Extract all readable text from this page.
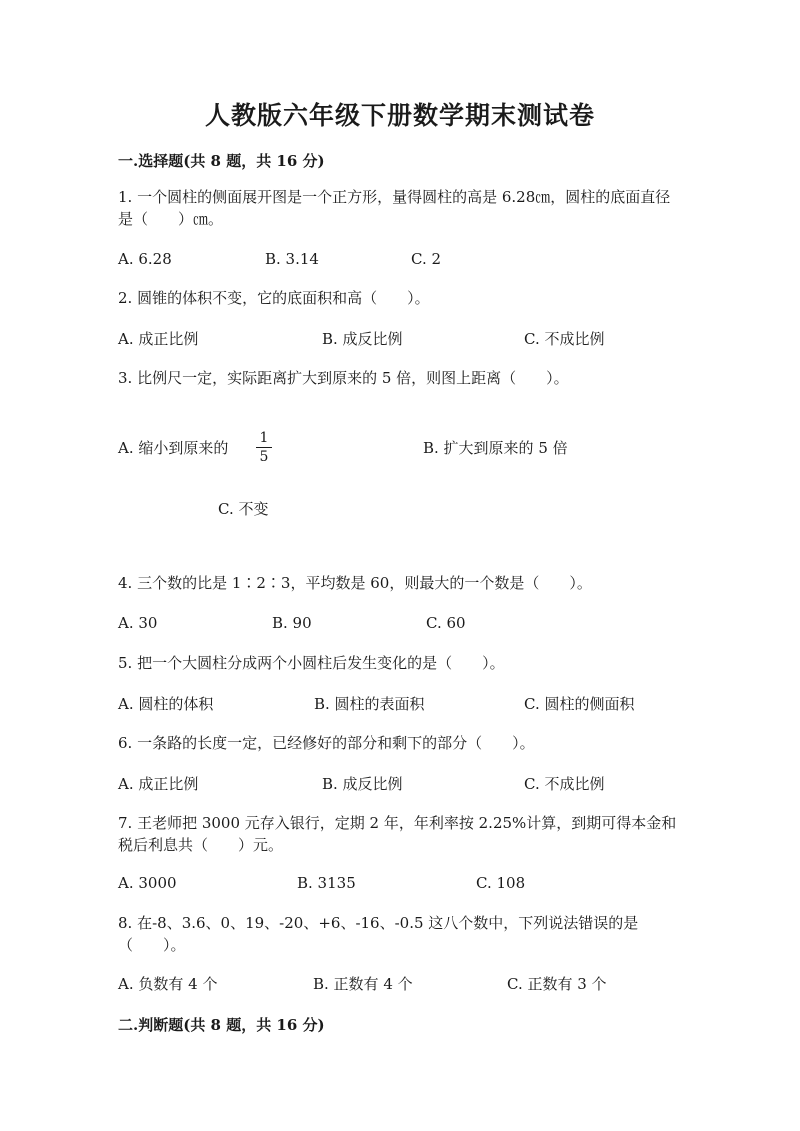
人教版六年级下册数学期末测试卷
一.选择题(共 8 题，共 16 分)
1. 一个圆柱的侧面展开图是一个正方形，量得圆柱的高是 6.28㎝，圆柱的底面直径是（　　）㎝。
A. 6.28	B. 3.14	C. 2
2. 圆锥的体积不变，它的底面积和高（　　）。
A. 成正比例	B. 成反比例	C. 不成比例
3. 比例尺一定，实际距离扩大到原来的 5 倍，则图上距离（　　）。
A. 缩小到原来的
1
5	B. 扩大到原来的 5 倍
C. 不变
4. 三个数的比是 1∶2∶3，平均数是 60，则最大的一个数是（　　）。
A. 30	B. 90	C. 60
5. 把一个大圆柱分成两个小圆柱后发生变化的是（　　）。
A. 圆柱的体积	B. 圆柱的表面积	C. 圆柱的侧面积
6. 一条路的长度一定，已经修好的部分和剩下的部分（　　）。
A. 成正比例	B. 成反比例	C. 不成比例
7. 王老师把 3000 元存入银行，定期 2 年，年利率按 2.25%计算，到期可得本金和税后利息共（　　）元。
A. 3000	B. 3135	C. 108
8. 在-8、3.6、0、19、-20、+6、-16、-0.5 这八个数中，下列说法错误的是（　　）。
A. 负数有 4 个	B. 正数有 4 个	C. 正数有 3 个
二.判断题(共 8 题，共 16 分)
